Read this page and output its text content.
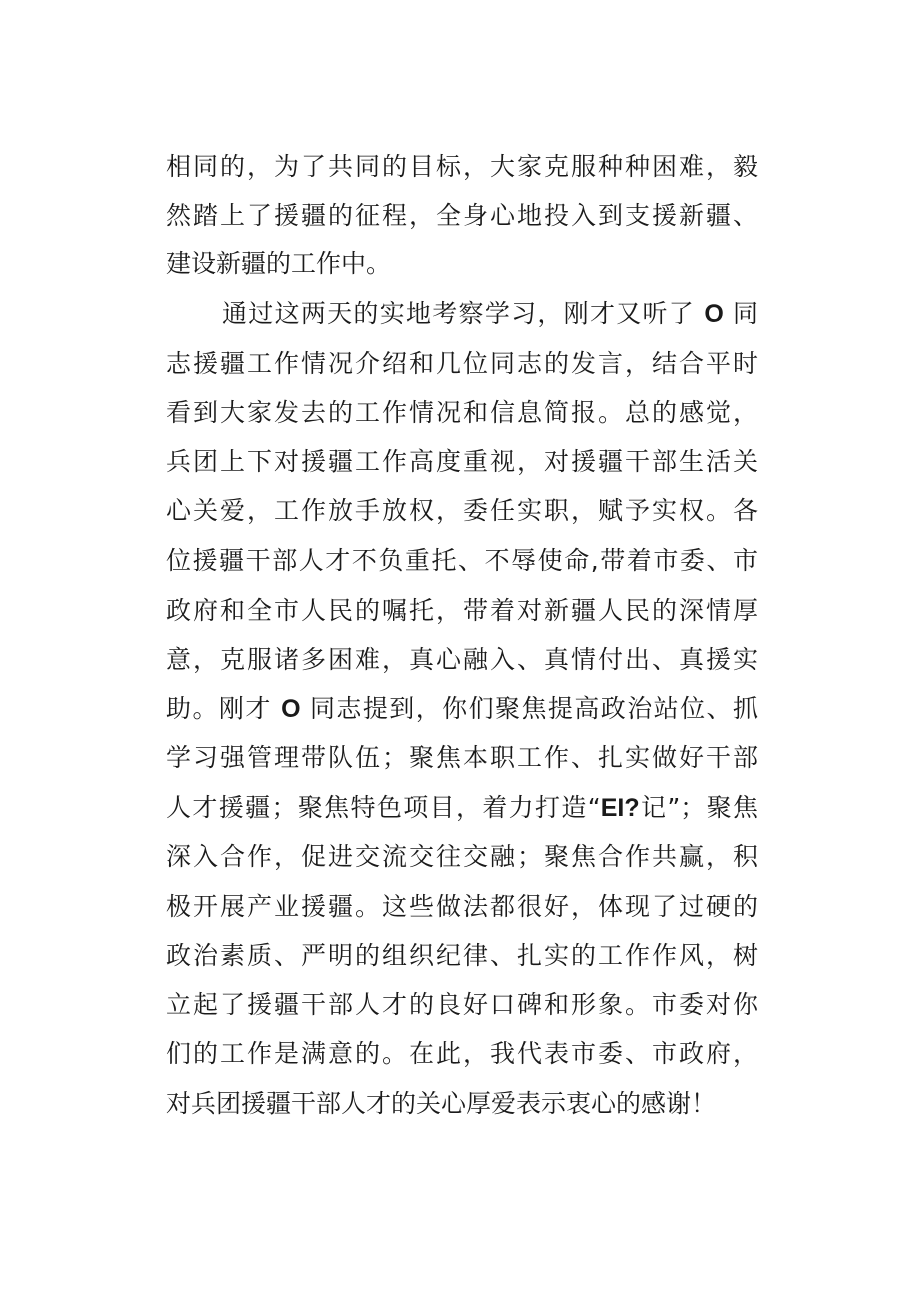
相同的，为了共同的目标，大家克服种种困难，毅

然踏上了援疆的征程，全身心地投入到支援新疆、

建设新疆的工作中。

通过这两天的实地考察学习，刚才又听了 O 同

志援疆工作情况介绍和几位同志的发言，结合平时

看到大家发去的工作情况和信息简报。总的感觉，

兵团上下对援疆工作高度重视，对援疆干部生活关

心关爱，工作放手放权，委任实职，赋予实权。各

位援疆干部人才不负重托、不辱使命,带着市委、市

政府和全市人民的嘱托，带着对新疆人民的深情厚

意，克服诸多困难，真心融入、真情付出、真援实

助。刚才 O 同志提到，你们聚焦提高政治站位、抓

学习强管理带队伍；聚焦本职工作、扎实做好干部

人才援疆；聚焦特色项目，着力打造“EI?记”；聚焦

深入合作，促进交流交往交融；聚焦合作共赢，积

极开展产业援疆。这些做法都很好，体现了过硬的

政治素质、严明的组织纪律、扎实的工作作风，树

立起了援疆干部人才的良好口碑和形象。市委对你

们的工作是满意的。在此，我代表市委、市政府，

对兵团援疆干部人才的关心厚爱表示衷心的感谢！
